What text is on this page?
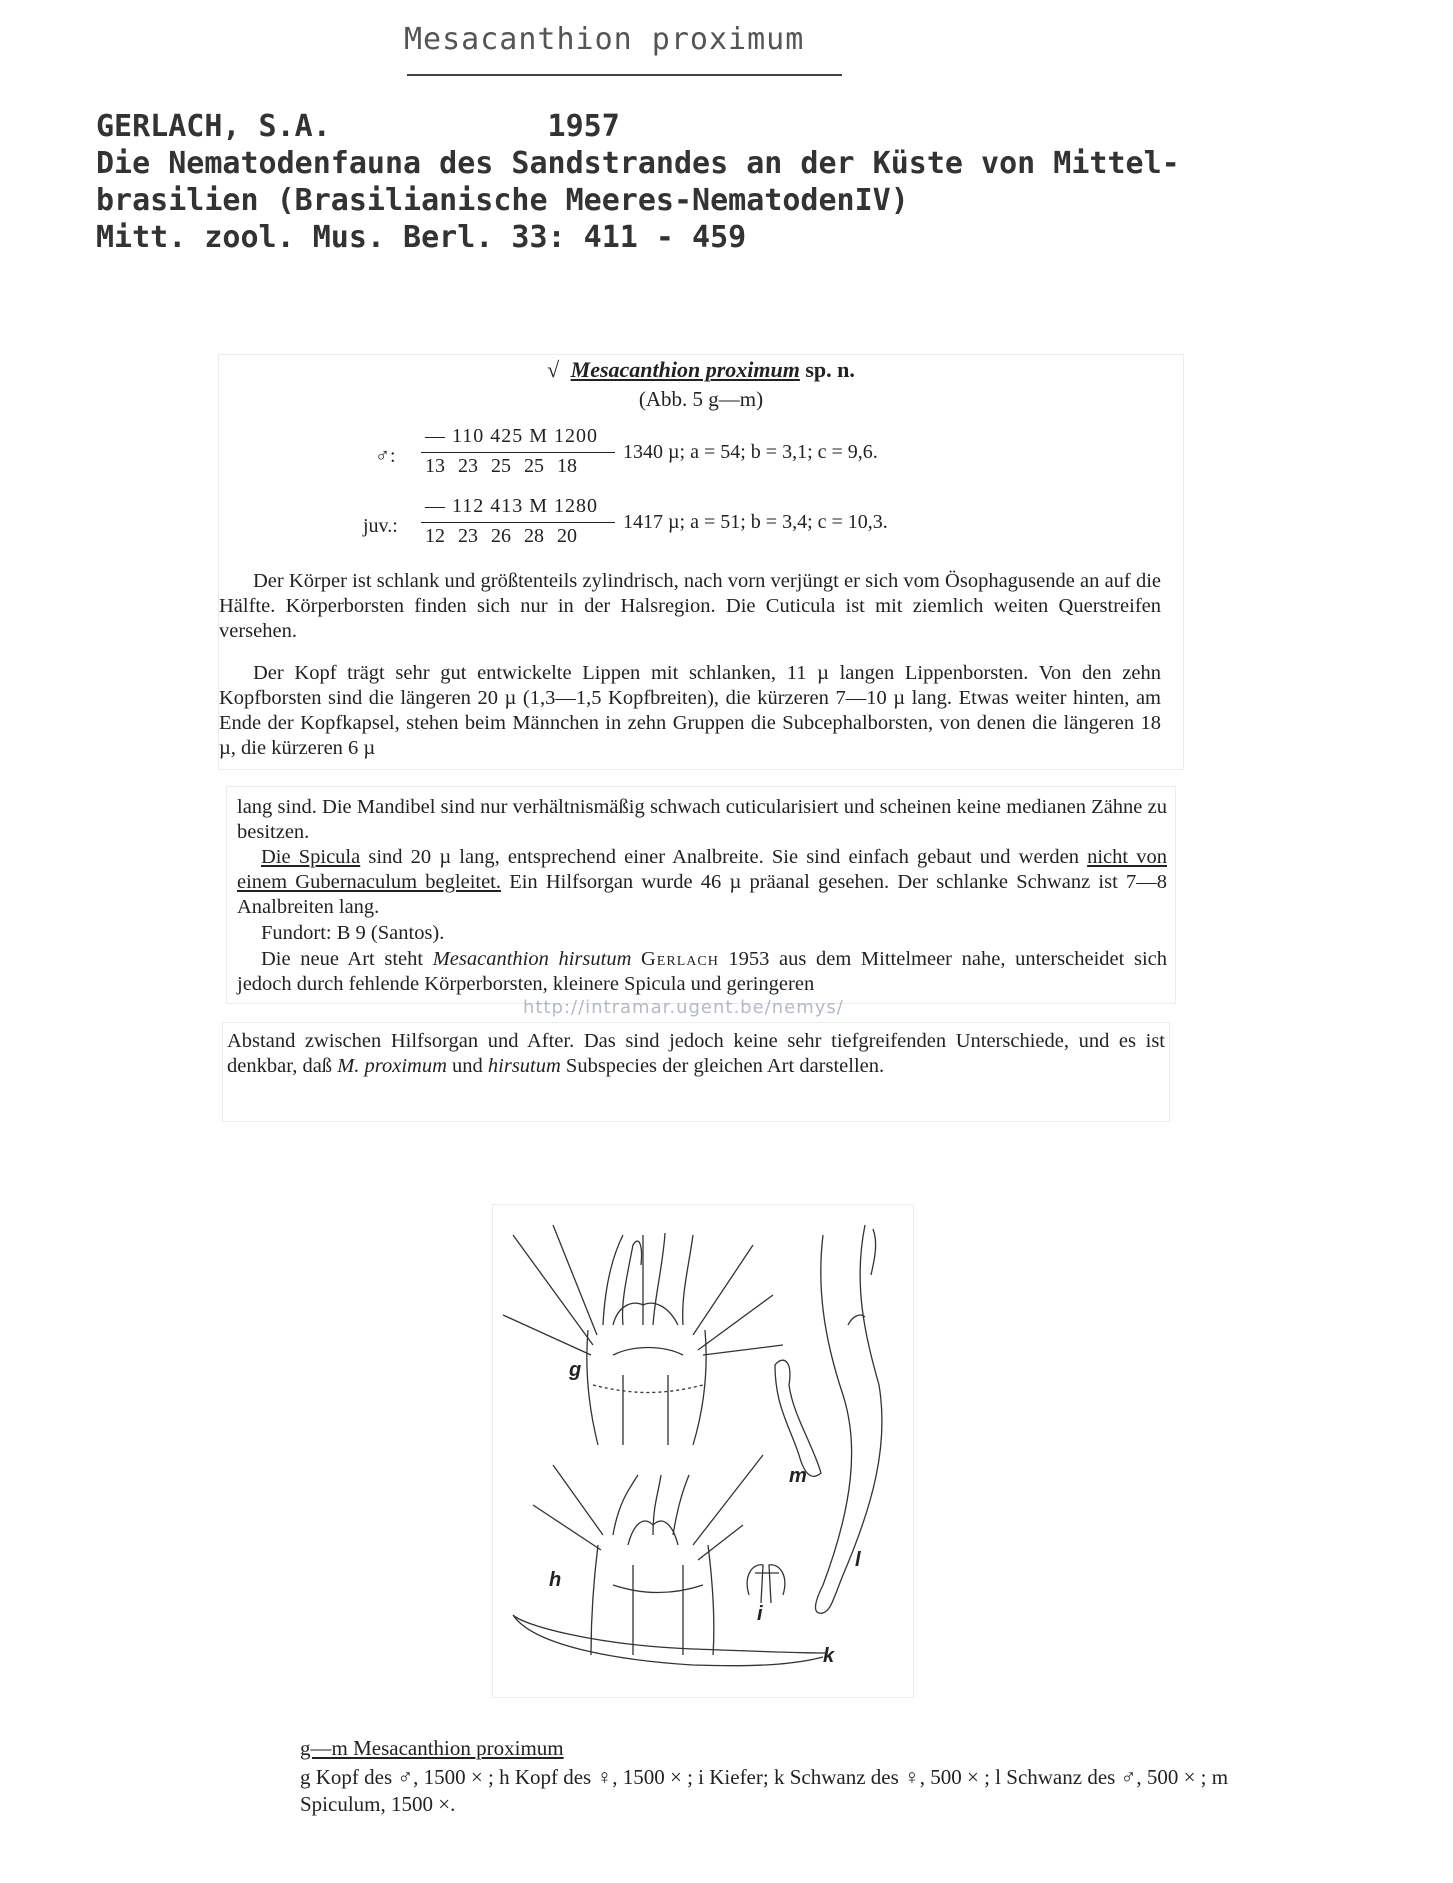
Mesacanthion proximum
GERLACH, S.A.            1957
Die Nematodenfauna des Sandstrandes an der Küste von Mittel-
brasilien (Brasilianische Meeres-NematodenIV)
Mitt. zool. Mus. Berl. 33: 411 - 459
√ Mesacanthion proximum sp. n.
(Abb. 5 g—m)
♂:
— 110 425 M 1200
13 23 25 25 18
1340 µ; a = 54; b = 3,1; c = 9,6.
juv.:
— 112 413 M 1280
12 23 26 28 20
1417 µ; a = 51; b = 3,4; c = 10,3.
Der Körper ist schlank und größtenteils zylindrisch, nach vorn verjüngt er sich vom Ösophagusende an auf die Hälfte. Körperborsten finden sich nur in der Halsregion. Die Cuticula ist mit ziemlich weiten Querstreifen versehen.
Der Kopf trägt sehr gut entwickelte Lippen mit schlanken, 11 µ langen Lippenborsten. Von den zehn Kopfborsten sind die längeren 20 µ (1,3—1,5 Kopfbreiten), die kürzeren 7—10 µ lang. Etwas weiter hinten, am Ende der Kopfkapsel, stehen beim Männchen in zehn Gruppen die Subcephalborsten, von denen die längeren 18 µ, die kürzeren 6 µ
lang sind. Die Mandibel sind nur verhältnismäßig schwach cuticularisiert und scheinen keine medianen Zähne zu besitzen.
Die Spicula sind 20 µ lang, entsprechend einer Analbreite. Sie sind einfach gebaut und werden nicht von einem Gubernaculum begleitet. Ein Hilfsorgan wurde 46 µ präanal gesehen. Der schlanke Schwanz ist 7—8 Analbreiten lang.
Fundort: B 9 (Santos).
Die neue Art steht Mesacanthion hirsutum Gerlach 1953 aus dem Mittelmeer nahe, unterscheidet sich jedoch durch fehlende Körperborsten, kleinere Spicula und geringeren
http://intramar.ugent.be/nemys/
Abstand zwischen Hilfsorgan und After. Das sind jedoch keine sehr tiefgreifenden Unterschiede, und es ist denkbar, daß M. proximum und hirsutum Subspecies der gleichen Art darstellen.
g
h
i
k
l
m
g—m Mesacanthion proximum
g Kopf des ♂, 1500 × ; h Kopf des ♀, 1500 × ; i Kiefer; k Schwanz des ♀, 500 × ; l Schwanz des ♂, 500 × ; m Spiculum, 1500 ×.
